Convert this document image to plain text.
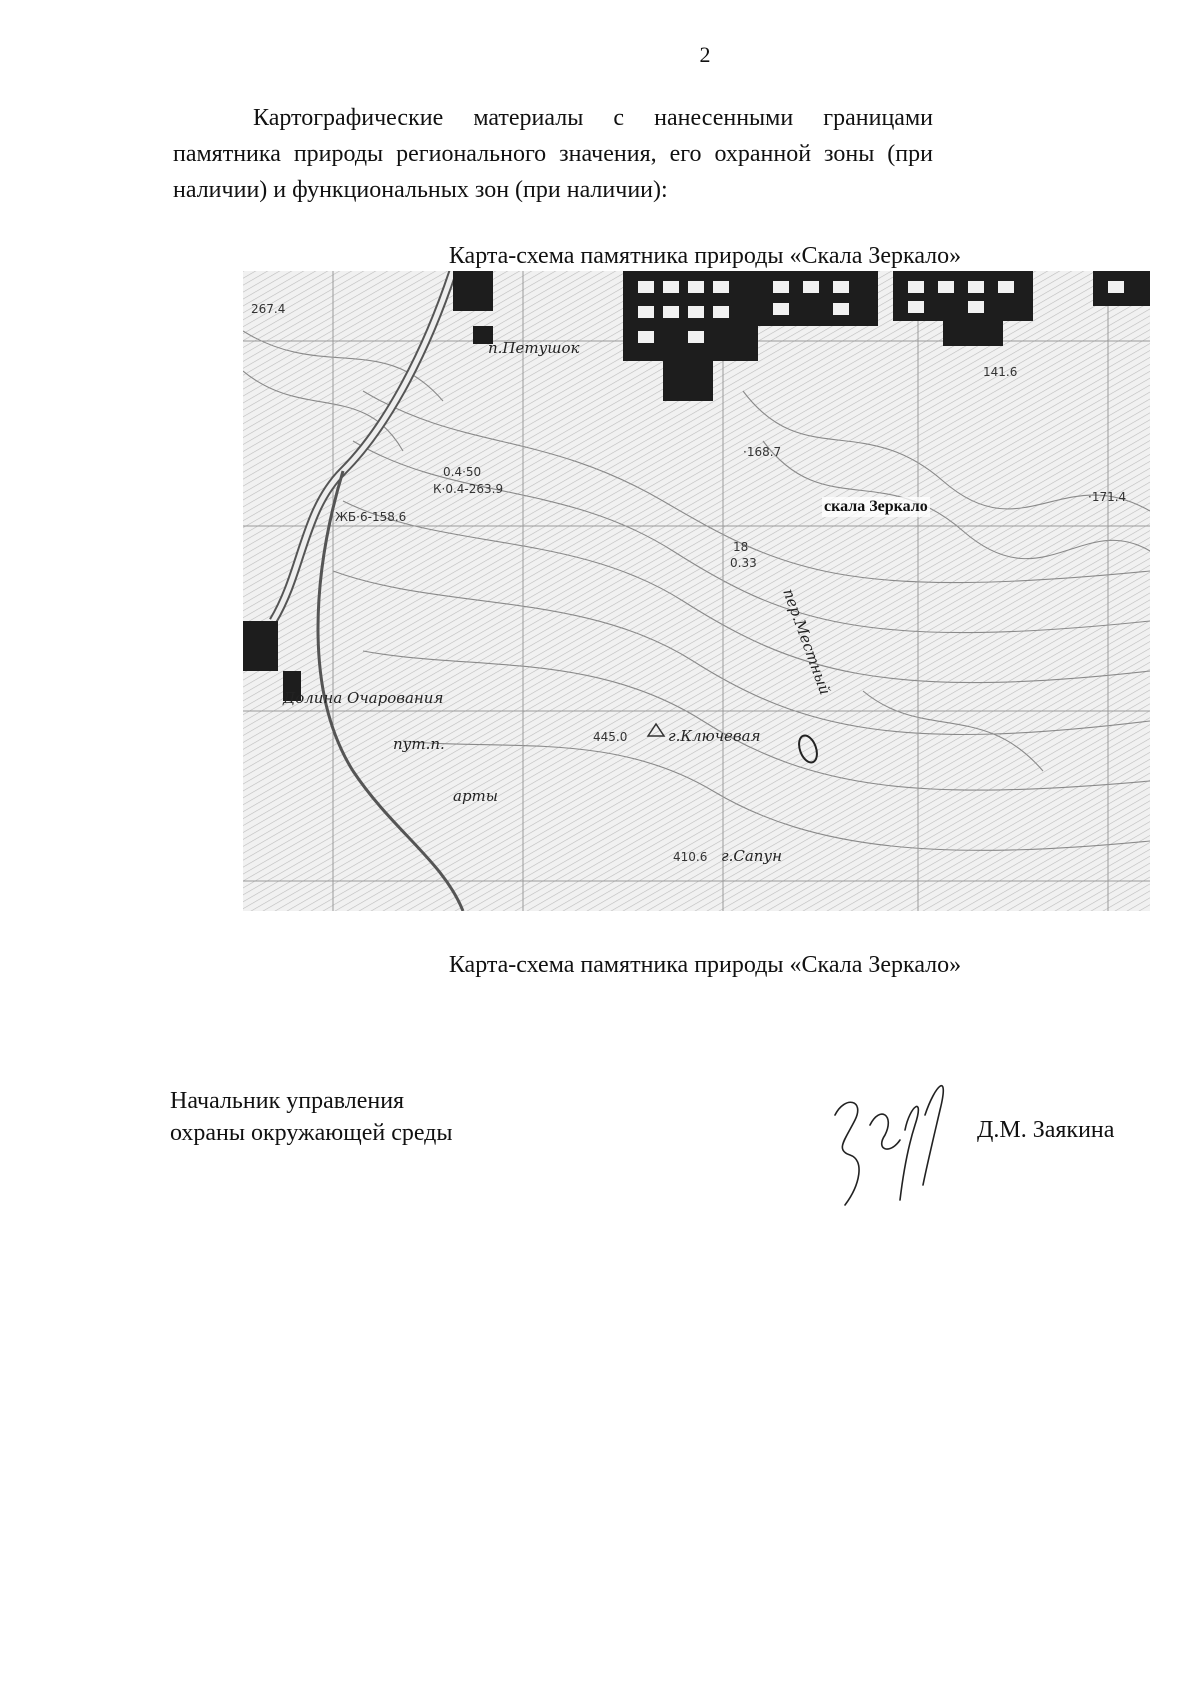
2

Картографические материалы с нанесенными границами памятника природы регионального значения, его охранной зоны (при наличии) и функциональных зон (при наличии):

Карта-схема памятника природы «Скала Зеркало»
267.4
п.Петушок
·168.7
141.6
·171.4
0.4·50
К·0.4-263.9
ЖБ·6-158.6
Долина Очарования
445.0	г.Ключевая
410.6 г.Сапун
пут.п.
арты
пер.Местный
18
0.33
скала Зеркало
Карта-схема памятника природы «Скала Зеркало»
Начальник управления
охраны окружающей среды	Д.М. Заякина
